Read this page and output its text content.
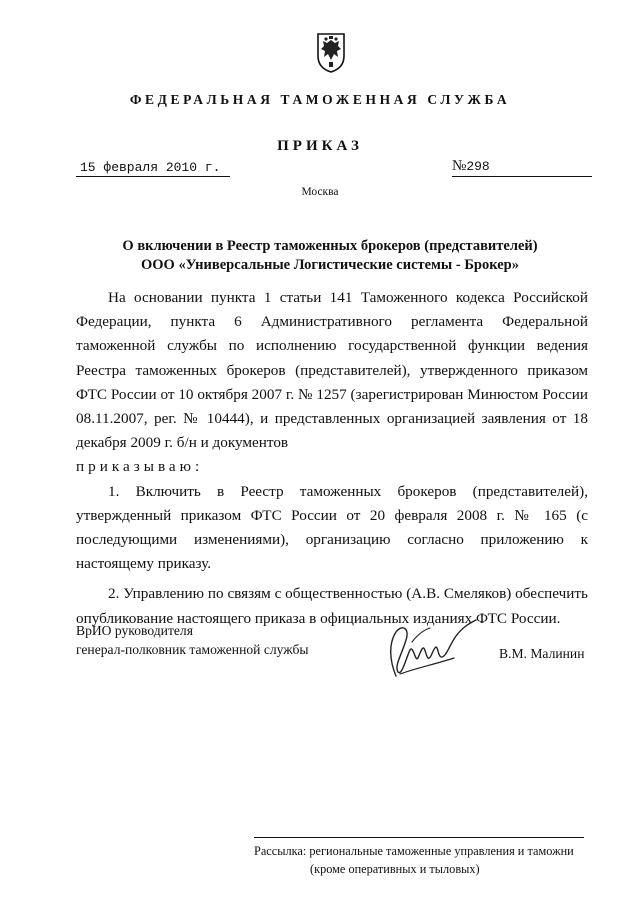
ФЕДЕРАЛЬНАЯ ТАМОЖЕННАЯ СЛУЖБА
ПРИКАЗ
15 февраля 2010 г.	№298
Москва
О включении в Реестр таможенных брокеров (представителей)
ООО «Универсальные Логистические системы - Брокер»

На основании пункта 1 статьи 141 Таможенного кодекса Российской Федерации, пункта 6 Административного регламента Федеральной таможенной службы по исполнению государственной функции ведения Реестра таможенных брокеров (представителей), утвержденного приказом ФТС России от 10 октября 2007 г. № 1257 (зарегистрирован Минюстом России 08.11.2007, рег. № 10444), и представленных организацией заявления от 18 декабря 2009 г. б/н и документов

приказываю:

1. Включить в Реестр таможенных брокеров (представителей), утвержденный приказом ФТС России от 20 февраля 2008 г. № 165 (с последующими изменениями), организацию согласно приложению к настоящему приказу.

2. Управлению по связям с общественностью (А.В. Смеляков) обеспечить опубликование настоящего приказа в официальных изданиях ФТС России.

ВрИО руководителя
генерал-полковник таможенной службы	В.М. Малинин
Рассылка: региональные таможенные управления и таможни
(кроме оперативных и тыловых)
